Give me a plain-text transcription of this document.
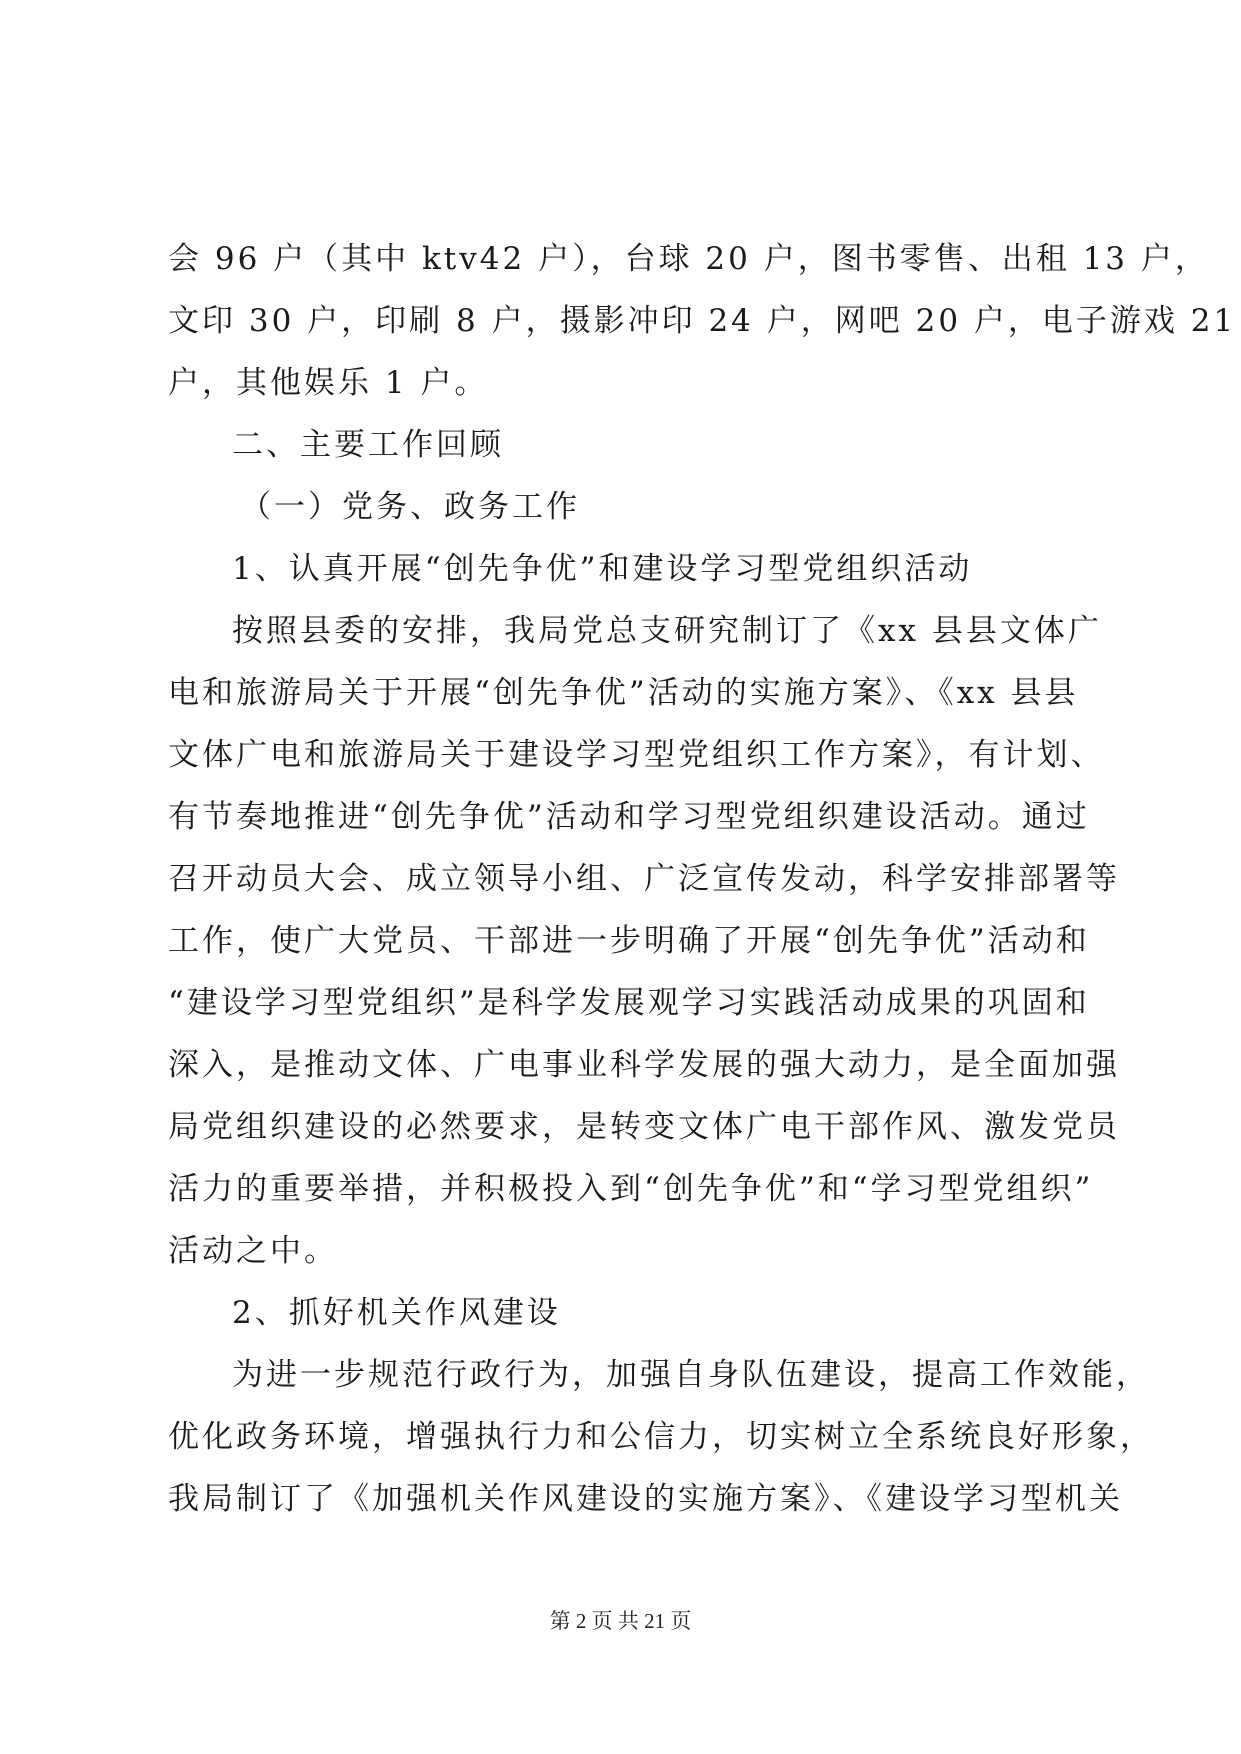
会 96 户（其中 ktv42 户），台球 20 户，图书零售、出租 13 户，
文印 30 户，印刷 8 户，摄影冲印 24 户，网吧 20 户，电子游戏 21
户，其他娱乐 1 户。
二、主要工作回顾
（一）党务、政务工作
1、认真开展“创先争优”和建设学习型党组织活动
按照县委的安排，我局党总支研究制订了《xx 县县文体广
电和旅游局关于开展“创先争优”活动的实施方案》、《xx 县县
文体广电和旅游局关于建设学习型党组织工作方案》，有计划、
有节奏地推进“创先争优”活动和学习型党组织建设活动。通过
召开动员大会、成立领导小组、广泛宣传发动，科学安排部署等
工作，使广大党员、干部进一步明确了开展“创先争优”活动和
“建设学习型党组织”是科学发展观学习实践活动成果的巩固和
深入，是推动文体、广电事业科学发展的强大动力，是全面加强
局党组织建设的必然要求，是转变文体广电干部作风、激发党员
活力的重要举措，并积极投入到“创先争优”和“学习型党组织”
活动之中。
2、抓好机关作风建设
为进一步规范行政行为，加强自身队伍建设，提高工作效能，
优化政务环境，增强执行力和公信力，切实树立全系统良好形象，
我局制订了《加强机关作风建设的实施方案》、《建设学习型机关
第 2 页 共 21 页
